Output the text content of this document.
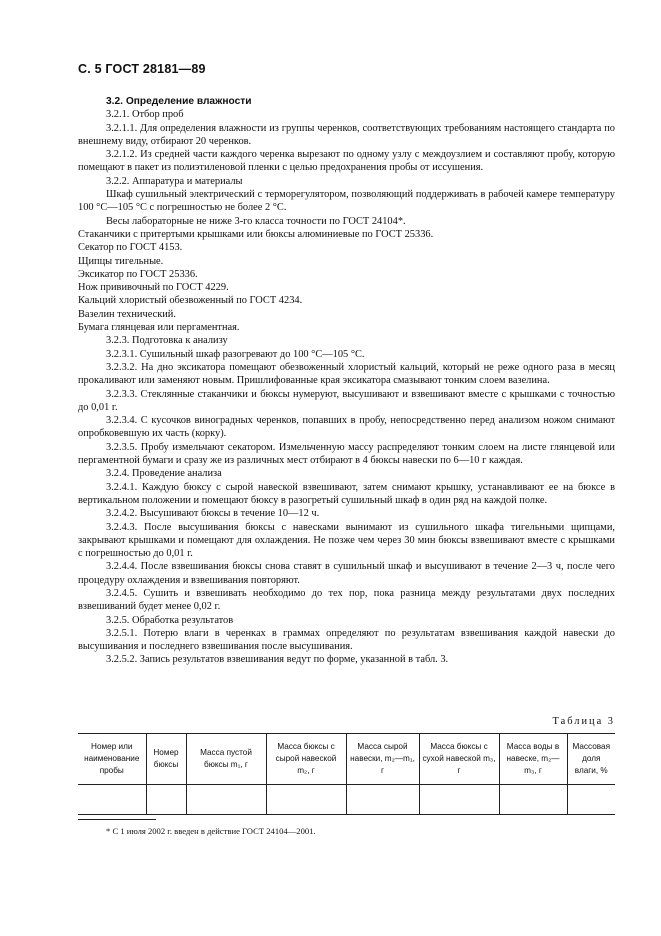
С. 5 ГОСТ 28181—89

3.2. Определение влажности

3.2.1. Отбор проб

3.2.1.1. Для определения влажности из группы черенков, соответствующих требованиям настоящего стандарта по внешнему виду, отбирают 20 черенков.

3.2.1.2. Из средней части каждого черенка вырезают по одному узлу с междоузлием и составляют пробу, которую помещают в пакет из полиэтиленовой пленки с целью предохранения пробы от иссушения.

3.2.2. Аппаратура и материалы

Шкаф сушильный электрический с терморегулятором, позволяющий поддерживать в рабочей камере температуру 100 °С—105 °С с погрешностью не более 2 °С.

Весы лабораторные не ниже 3-го класса точности по ГОСТ 24104*.

Стаканчики с притертыми крышками или бюксы алюминиевые по ГОСТ 25336.

Секатор по ГОСТ 4153.

Щипцы тигельные.

Эксикатор по ГОСТ 25336.

Нож прививочный по ГОСТ 4229.

Кальций хлористый обезвоженный по ГОСТ 4234.

Вазелин технический.

Бумага глянцевая или пергаментная.

3.2.3. Подготовка к анализу

3.2.3.1. Сушильный шкаф разогревают до 100 °С—105 °С.

3.2.3.2. На дно эксикатора помещают обезвоженный хлористый кальций, который не реже одного раза в месяц прокаливают или заменяют новым. Пришлифованные края эксикатора смазывают тонким слоем вазелина.

3.2.3.3. Стеклянные стаканчики и бюксы нумеруют, высушивают и взвешивают вместе с крышками с точностью до 0,01 г.

3.2.3.4. С кусочков виноградных черенков, попавших в пробу, непосредственно перед анализом ножом снимают опробковевшую их часть (корку).

3.2.3.5. Пробу измельчают секатором. Измельченную массу распределяют тонким слоем на листе глянцевой или пергаментной бумаги и сразу же из различных мест отбирают в 4 бюксы навески по 6—10 г каждая.

3.2.4. Проведение анализа

3.2.4.1. Каждую бюксу с сырой навеской взвешивают, затем снимают крышку, устанавливают ее на бюксе в вертикальном положении и помещают бюксу в разогретый сушильный шкаф в один ряд на каждой полке.

3.2.4.2. Высушивают бюксы в течение 10—12 ч.

3.2.4.3. После высушивания бюксы с навесками вынимают из сушильного шкафа тигельными щипцами, закрывают крышками и помещают для охлаждения. Не позже чем через 30 мин бюксы взвешивают вместе с крышками с погрешностью до 0,01 г.

3.2.4.4. После взвешивания бюксы снова ставят в сушильный шкаф и высушивают в течение 2—3 ч, после чего процедуру охлаждения и взвешивания повторяют.

3.2.4.5. Сушить и взвешивать необходимо до тех пор, пока разница между результатами двух последних взвешиваний будет менее 0,02 г.

3.2.5. Обработка результатов

3.2.5.1. Потерю влаги в черенках в граммах определяют по результатам взвешивания каждой навески до высушивания и последнего взвешивания после высушивания.

3.2.5.2. Запись результатов взвешивания ведут по форме, указанной в табл. 3.

Таблица 3
Номер или наименование пробы	Номер бюксы	Масса пустой бюксы m₁, г	Масса бюксы с сырой навеской m₂, г	Масса сырой навески, m₂—m₁, г	Масса бюксы с сухой навеской m₃, г	Масса воды в навеске, m₂—m₃, г	Массовая доля влаги, %

* С 1 июля 2002 г. введен в действие ГОСТ 24104—2001.
